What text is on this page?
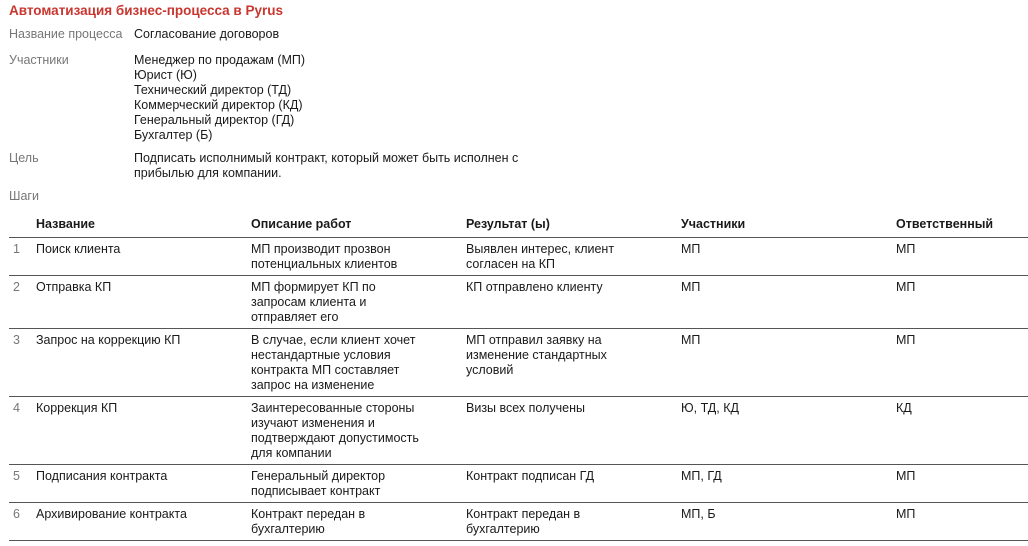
Автоматизация бизнес-процесса в Pyrus
Название процесса Согласование договоров
Участники	Менеджер по продажам (МП)
Юрист (Ю)
Технический директор (ТД)
Коммерческий директор (КД)
Генеральный директор (ГД)
Бухгалтер (Б)
Цель	Подписать исполнимый контракт, который может быть исполнен с
прибылью для компании.
Шаги
	Название	Описание работ	Результат (ы)	Участники	Ответственный
1	Поиск клиента	МП производит прозвон потенциальных клиентов	Выявлен интерес, клиент согласен на КП	МП	МП
2	Отправка КП	МП формирует КП по запросам клиента и отправляет его	КП отправлено клиенту	МП	МП
3	Запрос на коррекцию КП	В случае, если клиент хочет нестандартные условия контракта МП составляет запрос на изменение	МП отправил заявку на изменение стандартных условий	МП	МП
4	Коррекция КП	Заинтересованные стороны изучают изменения и подтверждают допустимость для компании	Визы всех получены	Ю, ТД, КД	КД
5	Подписания контракта	Генеральный директор подписывает контракт	Контракт подписан ГД	МП, ГД	МП
6	Архивирование контракта	Контракт передан в бухгалтерию	Контракт передан в бухгалтерию	МП, Б	МП
